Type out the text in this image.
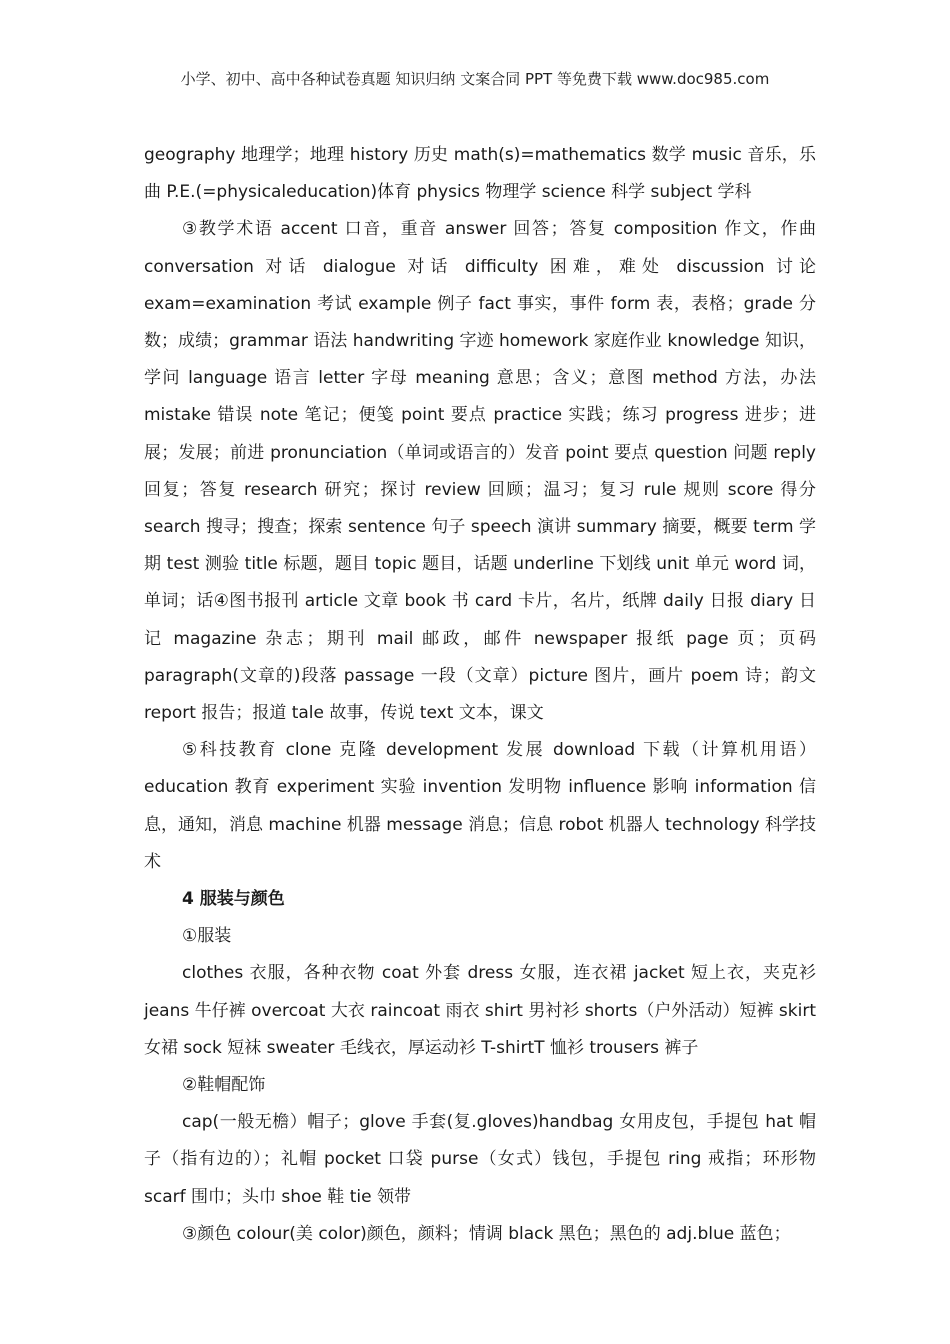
小学、初中、高中各种试卷真题 知识归纳 文案合同 PPT 等免费下载 www.doc985.com

geography 地理学；地理 history 历史 math(s)=mathematics 数学 music 音乐，乐曲 P.E.(=physicaleducation)体育 physics 物理学 science 科学 subject 学科

③教学术语 accent 口音，重音 answer 回答；答复 composition 作文，作曲 conversation 对话 dialogue 对话 difficulty 困难，难处 discussion 讨论 exam=examination 考试 example 例子 fact 事实，事件 form 表，表格；grade 分数；成绩；grammar 语法 handwriting 字迹 homework 家庭作业 knowledge 知识，学问 language 语言 letter 字母 meaning 意思；含义；意图 method 方法，办法 mistake 错误 note 笔记；便笺 point 要点 practice 实践；练习 progress 进步；进展；发展；前进 pronunciation（单词或语言的）发音 point 要点 question 问题 reply 回复；答复 research 研究；探讨 review 回顾；温习；复习 rule 规则 score 得分 search 搜寻；搜查；探索 sentence 句子 speech 演讲 summary 摘要，概要 term 学期 test 测验 title 标题，题目 topic 题目，话题 underline 下划线 unit 单元 word 词，单词；话④图书报刊 article 文章 book 书 card 卡片，名片，纸牌 daily 日报 diary 日记 magazine 杂志；期刊 mail 邮政，邮件 newspaper 报纸 page 页；页码 paragraph(文章的)段落 passage 一段（文章）picture 图片，画片 poem 诗；韵文 report 报告；报道 tale 故事，传说 text 文本，课文

⑤科技教育 clone 克隆 development 发展 download 下载（计算机用语）education 教育 experiment 实验 invention 发明物 influence 影响 information 信息，通知，消息 machine 机器 message 消息；信息 robot 机器人 technology 科学技术

4 服装与颜色

①服装

clothes 衣服，各种衣物 coat 外套 dress 女服，连衣裙 jacket 短上衣，夹克衫 jeans 牛仔裤 overcoat 大衣 raincoat 雨衣 shirt 男衬衫 shorts（户外活动）短裤 skirt 女裙 sock 短袜 sweater 毛线衣，厚运动衫 T-shirtT 恤衫 trousers 裤子

②鞋帽配饰

cap(一般无檐）帽子；glove 手套(复.gloves)handbag 女用皮包，手提包 hat 帽子（指有边的）；礼帽 pocket 口袋 purse（女式）钱包，手提包 ring 戒指；环形物 scarf 围巾；头巾 shoe 鞋 tie 领带

③颜色 colour(美 color)颜色，颜料；情调 black 黑色；黑色的 adj.blue 蓝色；
